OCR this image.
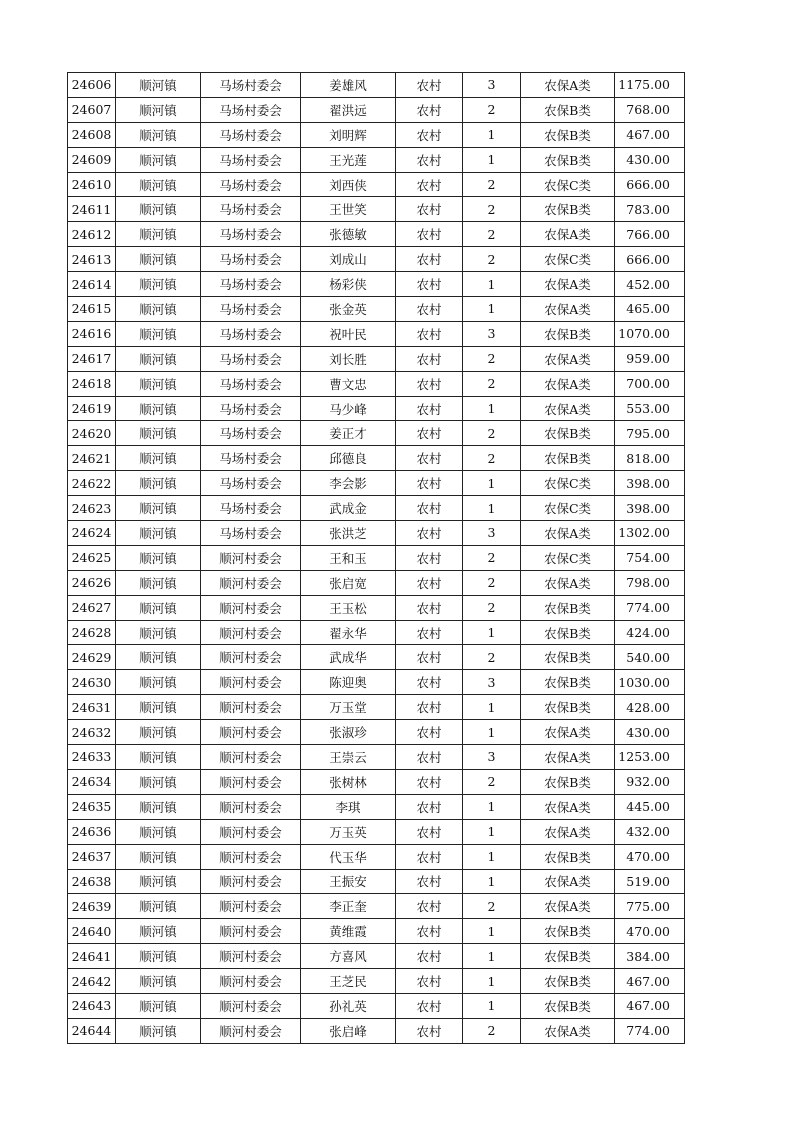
24606	顺河镇	马场村委会	姜雄风	农村	3	农保A类	1175.00
24607	顺河镇	马场村委会	翟洪远	农村	2	农保B类	768.00
24608	顺河镇	马场村委会	刘明辉	农村	1	农保B类	467.00
24609	顺河镇	马场村委会	王光莲	农村	1	农保B类	430.00
24610	顺河镇	马场村委会	刘西侠	农村	2	农保C类	666.00
24611	顺河镇	马场村委会	王世笑	农村	2	农保B类	783.00
24612	顺河镇	马场村委会	张德敏	农村	2	农保A类	766.00
24613	顺河镇	马场村委会	刘成山	农村	2	农保C类	666.00
24614	顺河镇	马场村委会	杨彩侠	农村	1	农保A类	452.00
24615	顺河镇	马场村委会	张金英	农村	1	农保A类	465.00
24616	顺河镇	马场村委会	祝叶民	农村	3	农保B类	1070.00
24617	顺河镇	马场村委会	刘长胜	农村	2	农保A类	959.00
24618	顺河镇	马场村委会	曹文忠	农村	2	农保A类	700.00
24619	顺河镇	马场村委会	马少峰	农村	1	农保A类	553.00
24620	顺河镇	马场村委会	姜正才	农村	2	农保B类	795.00
24621	顺河镇	马场村委会	邱德良	农村	2	农保B类	818.00
24622	顺河镇	马场村委会	李会影	农村	1	农保C类	398.00
24623	顺河镇	马场村委会	武成金	农村	1	农保C类	398.00
24624	顺河镇	马场村委会	张洪芝	农村	3	农保A类	1302.00
24625	顺河镇	顺河村委会	王和玉	农村	2	农保C类	754.00
24626	顺河镇	顺河村委会	张启宽	农村	2	农保A类	798.00
24627	顺河镇	顺河村委会	王玉松	农村	2	农保B类	774.00
24628	顺河镇	顺河村委会	翟永华	农村	1	农保B类	424.00
24629	顺河镇	顺河村委会	武成华	农村	2	农保B类	540.00
24630	顺河镇	顺河村委会	陈迎奥	农村	3	农保B类	1030.00
24631	顺河镇	顺河村委会	万玉堂	农村	1	农保B类	428.00
24632	顺河镇	顺河村委会	张淑珍	农村	1	农保A类	430.00
24633	顺河镇	顺河村委会	王崇云	农村	3	农保A类	1253.00
24634	顺河镇	顺河村委会	张树林	农村	2	农保B类	932.00
24635	顺河镇	顺河村委会	李琪	农村	1	农保A类	445.00
24636	顺河镇	顺河村委会	万玉英	农村	1	农保A类	432.00
24637	顺河镇	顺河村委会	代玉华	农村	1	农保B类	470.00
24638	顺河镇	顺河村委会	王振安	农村	1	农保A类	519.00
24639	顺河镇	顺河村委会	李正奎	农村	2	农保A类	775.00
24640	顺河镇	顺河村委会	黄维霞	农村	1	农保B类	470.00
24641	顺河镇	顺河村委会	方喜风	农村	1	农保B类	384.00
24642	顺河镇	顺河村委会	王芝民	农村	1	农保B类	467.00
24643	顺河镇	顺河村委会	孙礼英	农村	1	农保B类	467.00
24644	顺河镇	顺河村委会	张启峰	农村	2	农保A类	774.00
